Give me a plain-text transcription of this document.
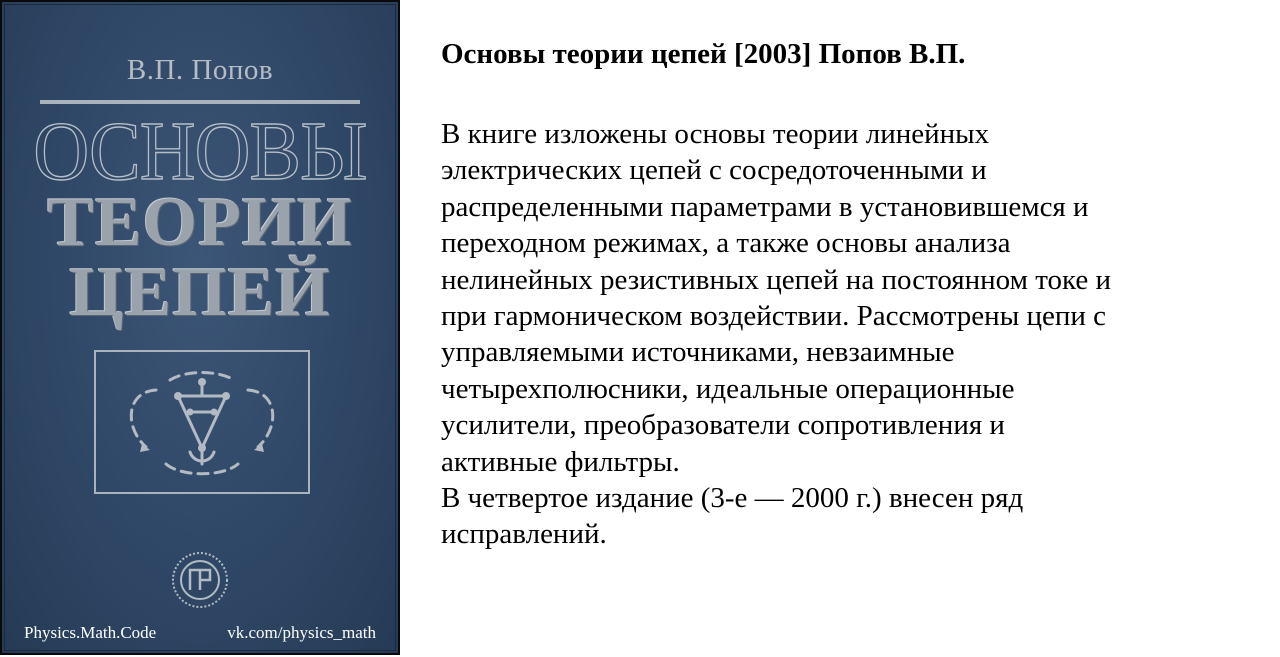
В.П. Попов
ОСНОВЫ
ТЕОРИИ
ЦЕПЕЙ
Physics.Math.Code	vk.com/physics_math
Основы теории цепей [2003] Попов В.П.
В книге изложены основы теории линейных
электрических цепей с сосредоточенными и
распределенными параметрами в установившемся и
переходном режимах, а также основы анализа
нелинейных резистивных цепей на постоянном токе и
при гармоническом воздействии. Рассмотрены цепи с
управляемыми источниками, невзаимные
четырехполюсники, идеальные операционные
усилители, преобразователи сопротивления и
активные фильтры.
В четвертое издание (3-е — 2000 г.) внесен ряд
исправлений.
